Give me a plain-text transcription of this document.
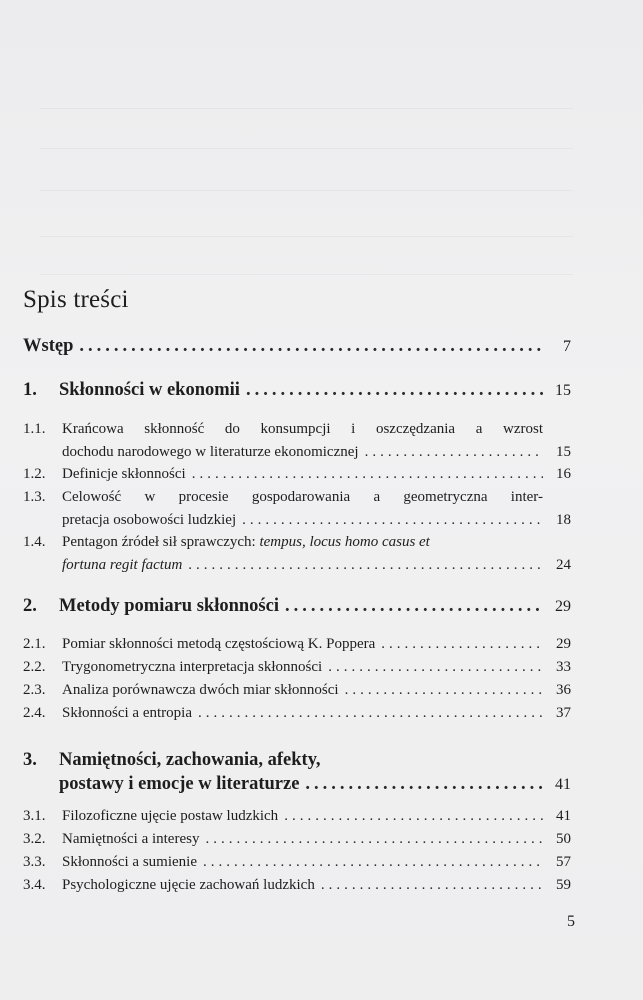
Spis treści
Wstęp .....	7
1.	Skłonności w ekonomii .....	15
1.1.	Krańcowa skłonność do konsumpcji i oszczędzania a wzrost
dochodu narodowego w literaturze ekonomicznej .....	15
1.2.	Definicje skłonności .....	16
1.3.	Celowość w procesie gospodarowania a geometryczna inter-
pretacja osobowości ludzkiej .....	18
1.4.	Pentagon źródeł sił sprawczych: tempus, locus homo casus et
fortuna regit factum .....	24
2.	Metody pomiaru skłonności .....	29
2.1.	Pomiar skłonności metodą częstościową K. Poppera .....	29
2.2.	Trygonometryczna interpretacja skłonności .....	33
2.3.	Analiza porównawcza dwóch miar skłonności .....	36
2.4.	Skłonności a entropia .....	37
3.	Namiętności, zachowania, afekty,
postawy i emocje w literaturze .....	41
3.1.	Filozoficzne ujęcie postaw ludzkich .....	41
3.2.	Namiętności a interesy .....	50
3.3.	Skłonności a sumienie .....	57
3.4.	Psychologiczne ujęcie zachowań ludzkich .....	59
5
